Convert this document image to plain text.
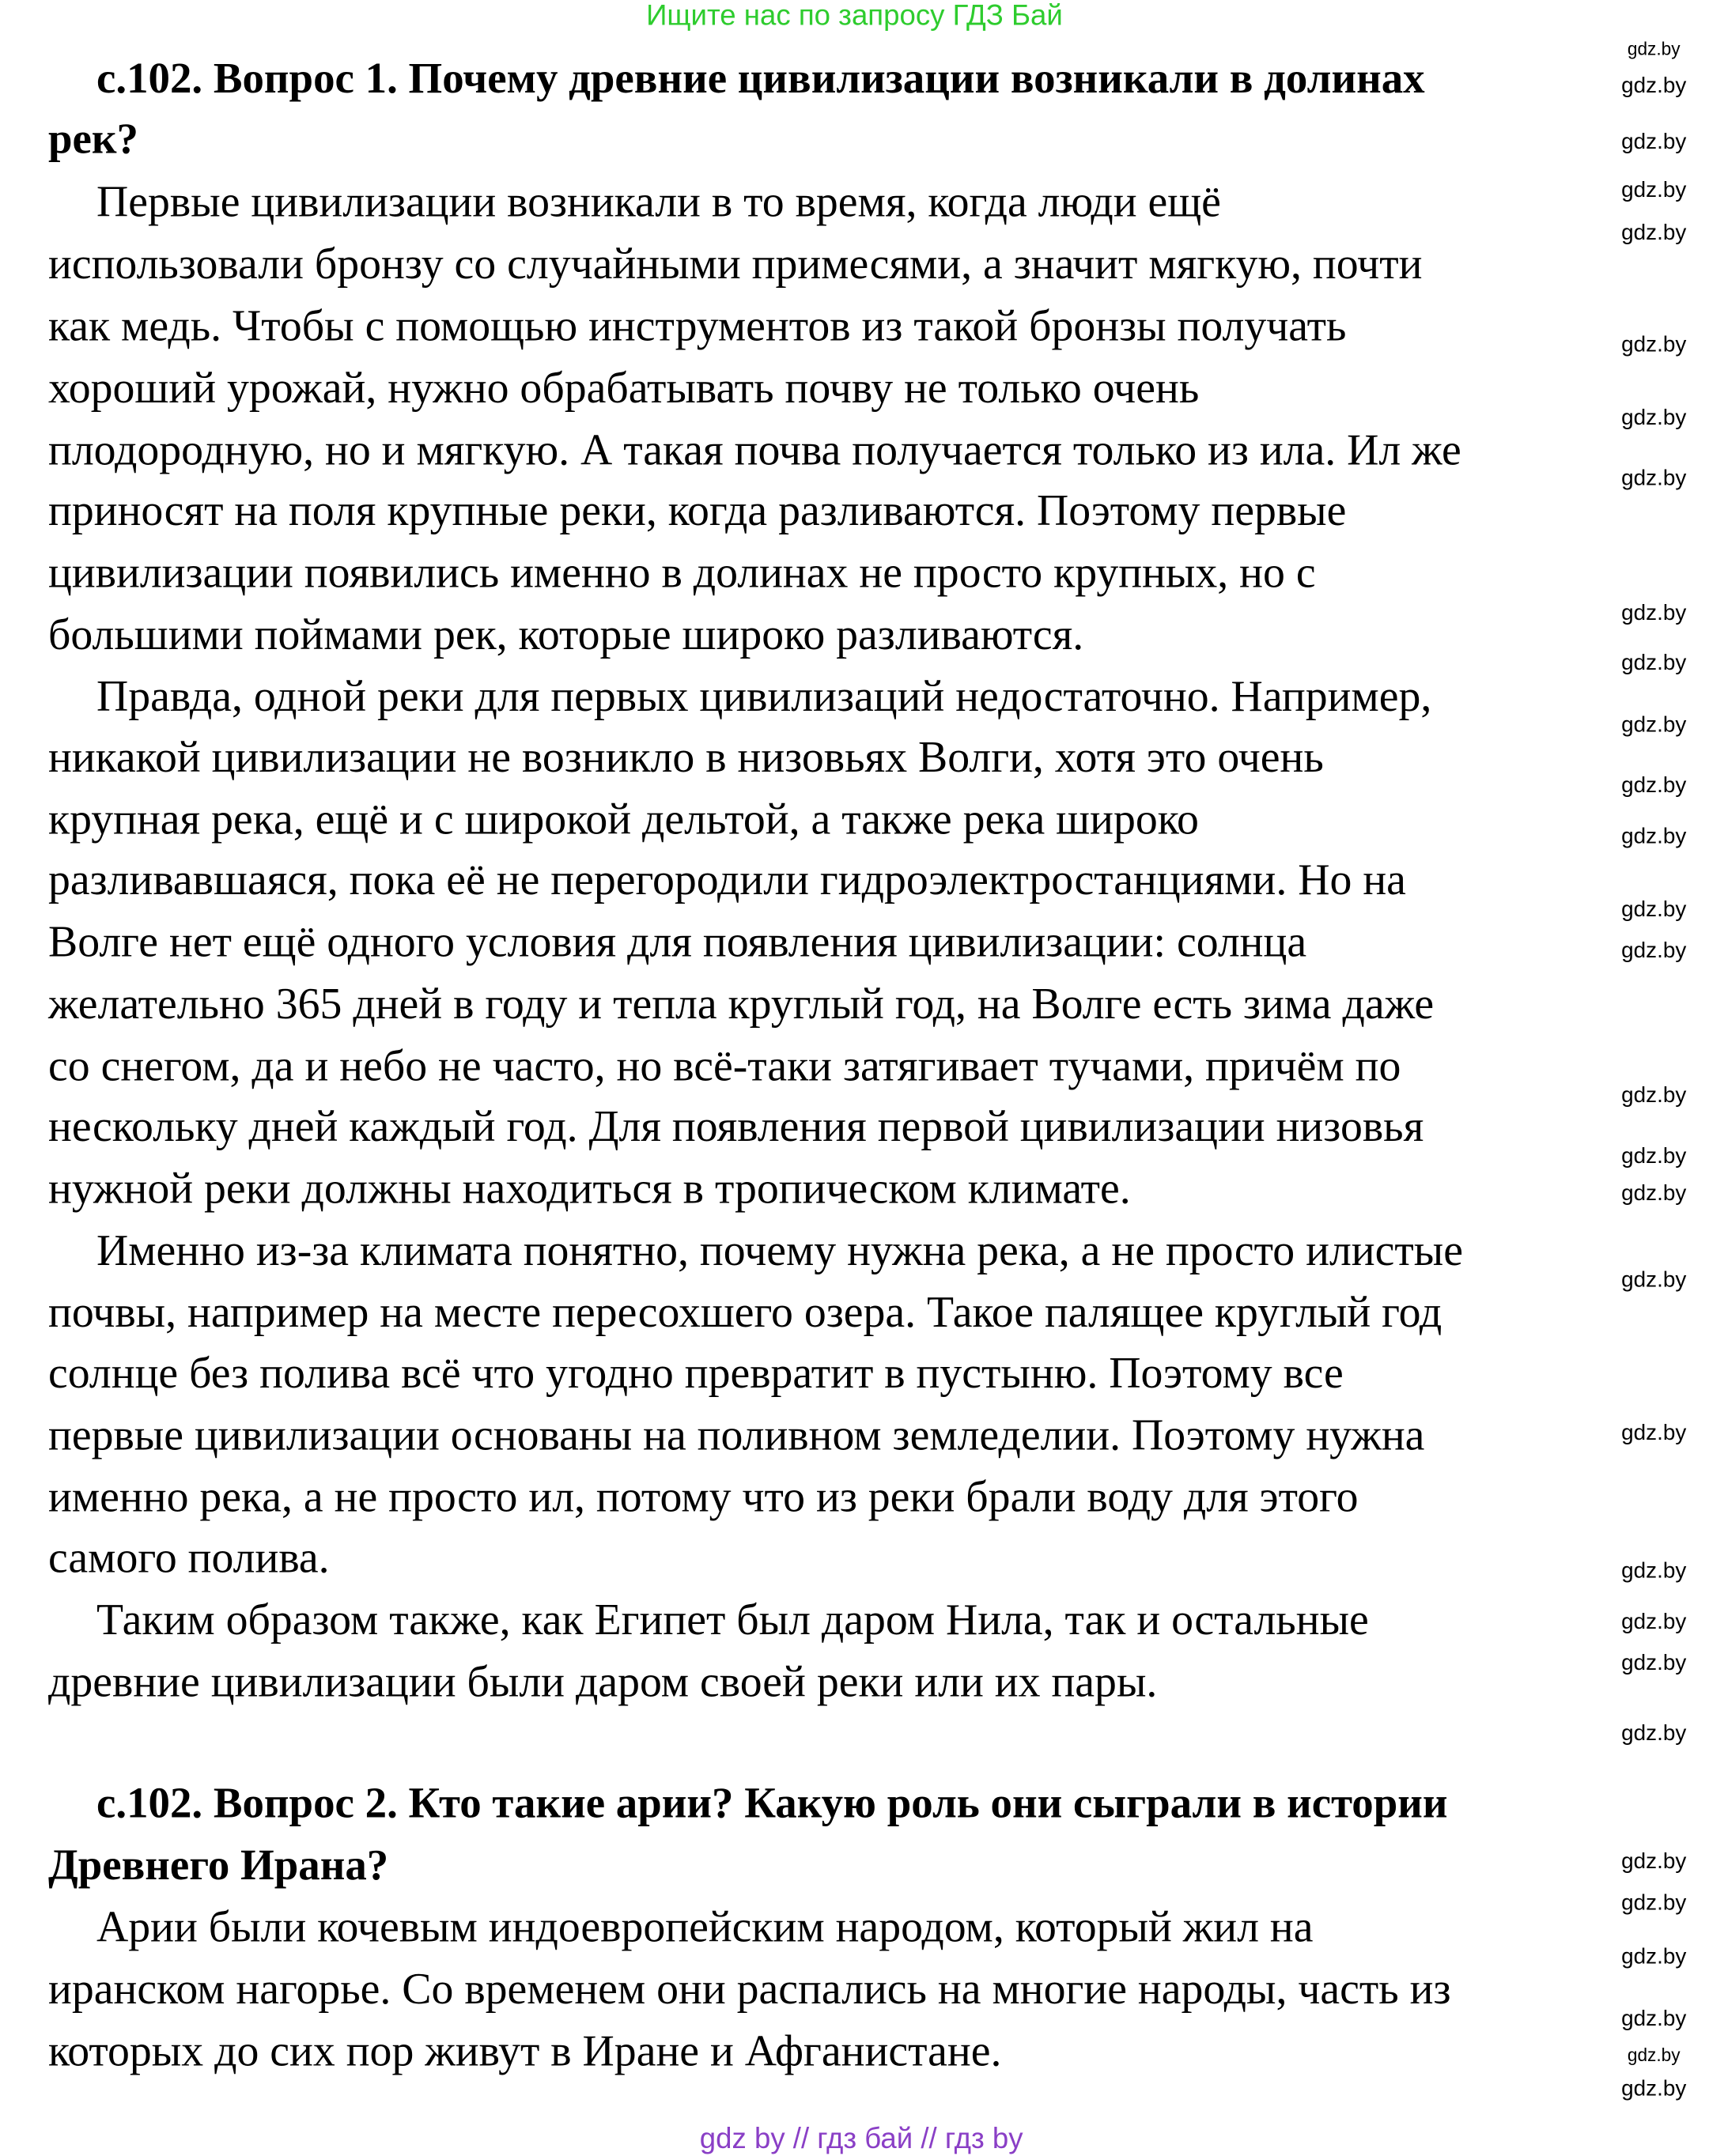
Ищите нас по запросу ГДЗ Бай
gdz by // гдз бай // гдз by
с.102. Вопрос 1. Почему древние цивилизации возникали в долинах
рек?
Первые цивилизации возникали в то время, когда люди ещё
использовали бронзу со случайными примесями, а значит мягкую, почти
как медь. Чтобы с помощью инструментов из такой бронзы получать
хороший урожай, нужно обрабатывать почву не только очень
плодородную, но и мягкую. А такая почва получается только из ила. Ил же
приносят на поля крупные реки, когда разливаются. Поэтому первые
цивилизации появились именно в долинах не просто крупных, но с
большими поймами рек, которые широко разливаются.
Правда, одной реки для первых цивилизаций недостаточно. Например,
никакой цивилизации не возникло в низовьях Волги, хотя это очень
крупная река, ещё и с широкой дельтой, а также река широко
разливавшаяся, пока её не перегородили гидроэлектростанциями. Но на
Волге нет ещё одного условия для появления цивилизации: солнца
желательно 365 дней в году и тепла круглый год, на Волге есть зима даже
со снегом, да и небо не часто, но всё-таки затягивает тучами, причём по
нескольку дней каждый год. Для появления первой цивилизации низовья
нужной реки должны находиться в тропическом климате.
Именно из-за климата понятно, почему нужна река, а не просто илистые
почвы, например на месте пересохшего озера. Такое палящее круглый год
солнце без полива всё что угодно превратит в пустыню. Поэтому все
первые цивилизации основаны на поливном земледелии. Поэтому нужна
именно река, а не просто ил, потому что из реки брали воду для этого
самого полива.
Таким образом также, как Египет был даром Нила, так и остальные
древние цивилизации были даром своей реки или их пары.
с.102. Вопрос 2. Кто такие арии? Какую роль они сыграли в истории
Древнего Ирана?
Арии были кочевым индоевропейским народом, который жил на
иранском нагорье. Со временем они распались на многие народы, часть из
которых до сих пор живут в Иране и Афганистане.
gdz.by
gdz.by
gdz.by
gdz.by
gdz.by
gdz.by
gdz.by
gdz.by
gdz.by
gdz.by
gdz.by
gdz.by
gdz.by
gdz.by
gdz.by
gdz.by
gdz.by
gdz.by
gdz.by
gdz.by
gdz.by
gdz.by
gdz.by
gdz.by
gdz.by
gdz.by
gdz.by
gdz.by
gdz.by
gdz.by
